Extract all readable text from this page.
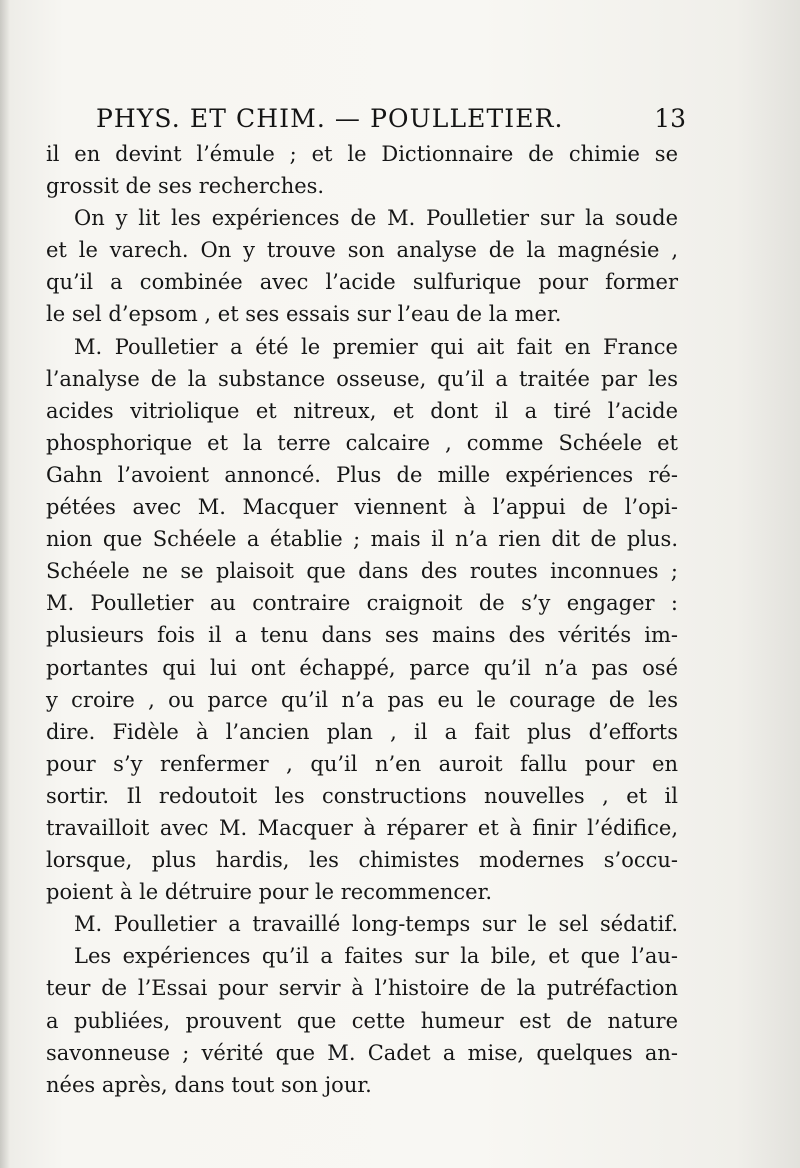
PHYS. ET CHIM. — POULLETIER.	13
il en devint l’émule ; et le Dictionnaire de chimie se
grossit de ses recherches.
On y lit les expériences de M. Poulletier sur la soude
et le varech. On y trouve son analyse de la magnésie ,
qu’il a combinée avec l’acide sulfurique pour former
le sel d’epsom , et ses essais sur l’eau de la mer.
M. Poulletier a été le premier qui ait fait en France
l’analyse de la substance osseuse, qu’il a traitée par les
acides vitriolique et nitreux, et dont il a tiré l’acide
phosphorique et la terre calcaire , comme Schéele et
Gahn l’avoient annoncé. Plus de mille expériences ré-
pétées avec M. Macquer viennent à l’appui de l’opi-
nion que Schéele a établie ; mais il n’a rien dit de plus.
Schéele ne se plaisoit que dans des routes inconnues ;
M. Poulletier au contraire craignoit de s’y engager :
plusieurs fois il a tenu dans ses mains des vérités im-
portantes qui lui ont échappé, parce qu’il n’a pas osé
y croire , ou parce qu’il n’a pas eu le courage de les
dire. Fidèle à l’ancien plan , il a fait plus d’efforts
pour s’y renfermer , qu’il n’en auroit fallu pour en
sortir. Il redoutoit les constructions nouvelles , et il
travailloit avec M. Macquer à réparer et à finir l’édifice,
lorsque, plus hardis, les chimistes modernes s’occu-
poient à le détruire pour le recommencer.
M. Poulletier a travaillé long-temps sur le sel sédatif.
Les expériences qu’il a faites sur la bile, et que l’au-
teur de l’Essai pour servir à l’histoire de la putréfaction
a publiées, prouvent que cette humeur est de nature
savonneuse ; vérité que M. Cadet a mise, quelques an-
nées après, dans tout son jour.
